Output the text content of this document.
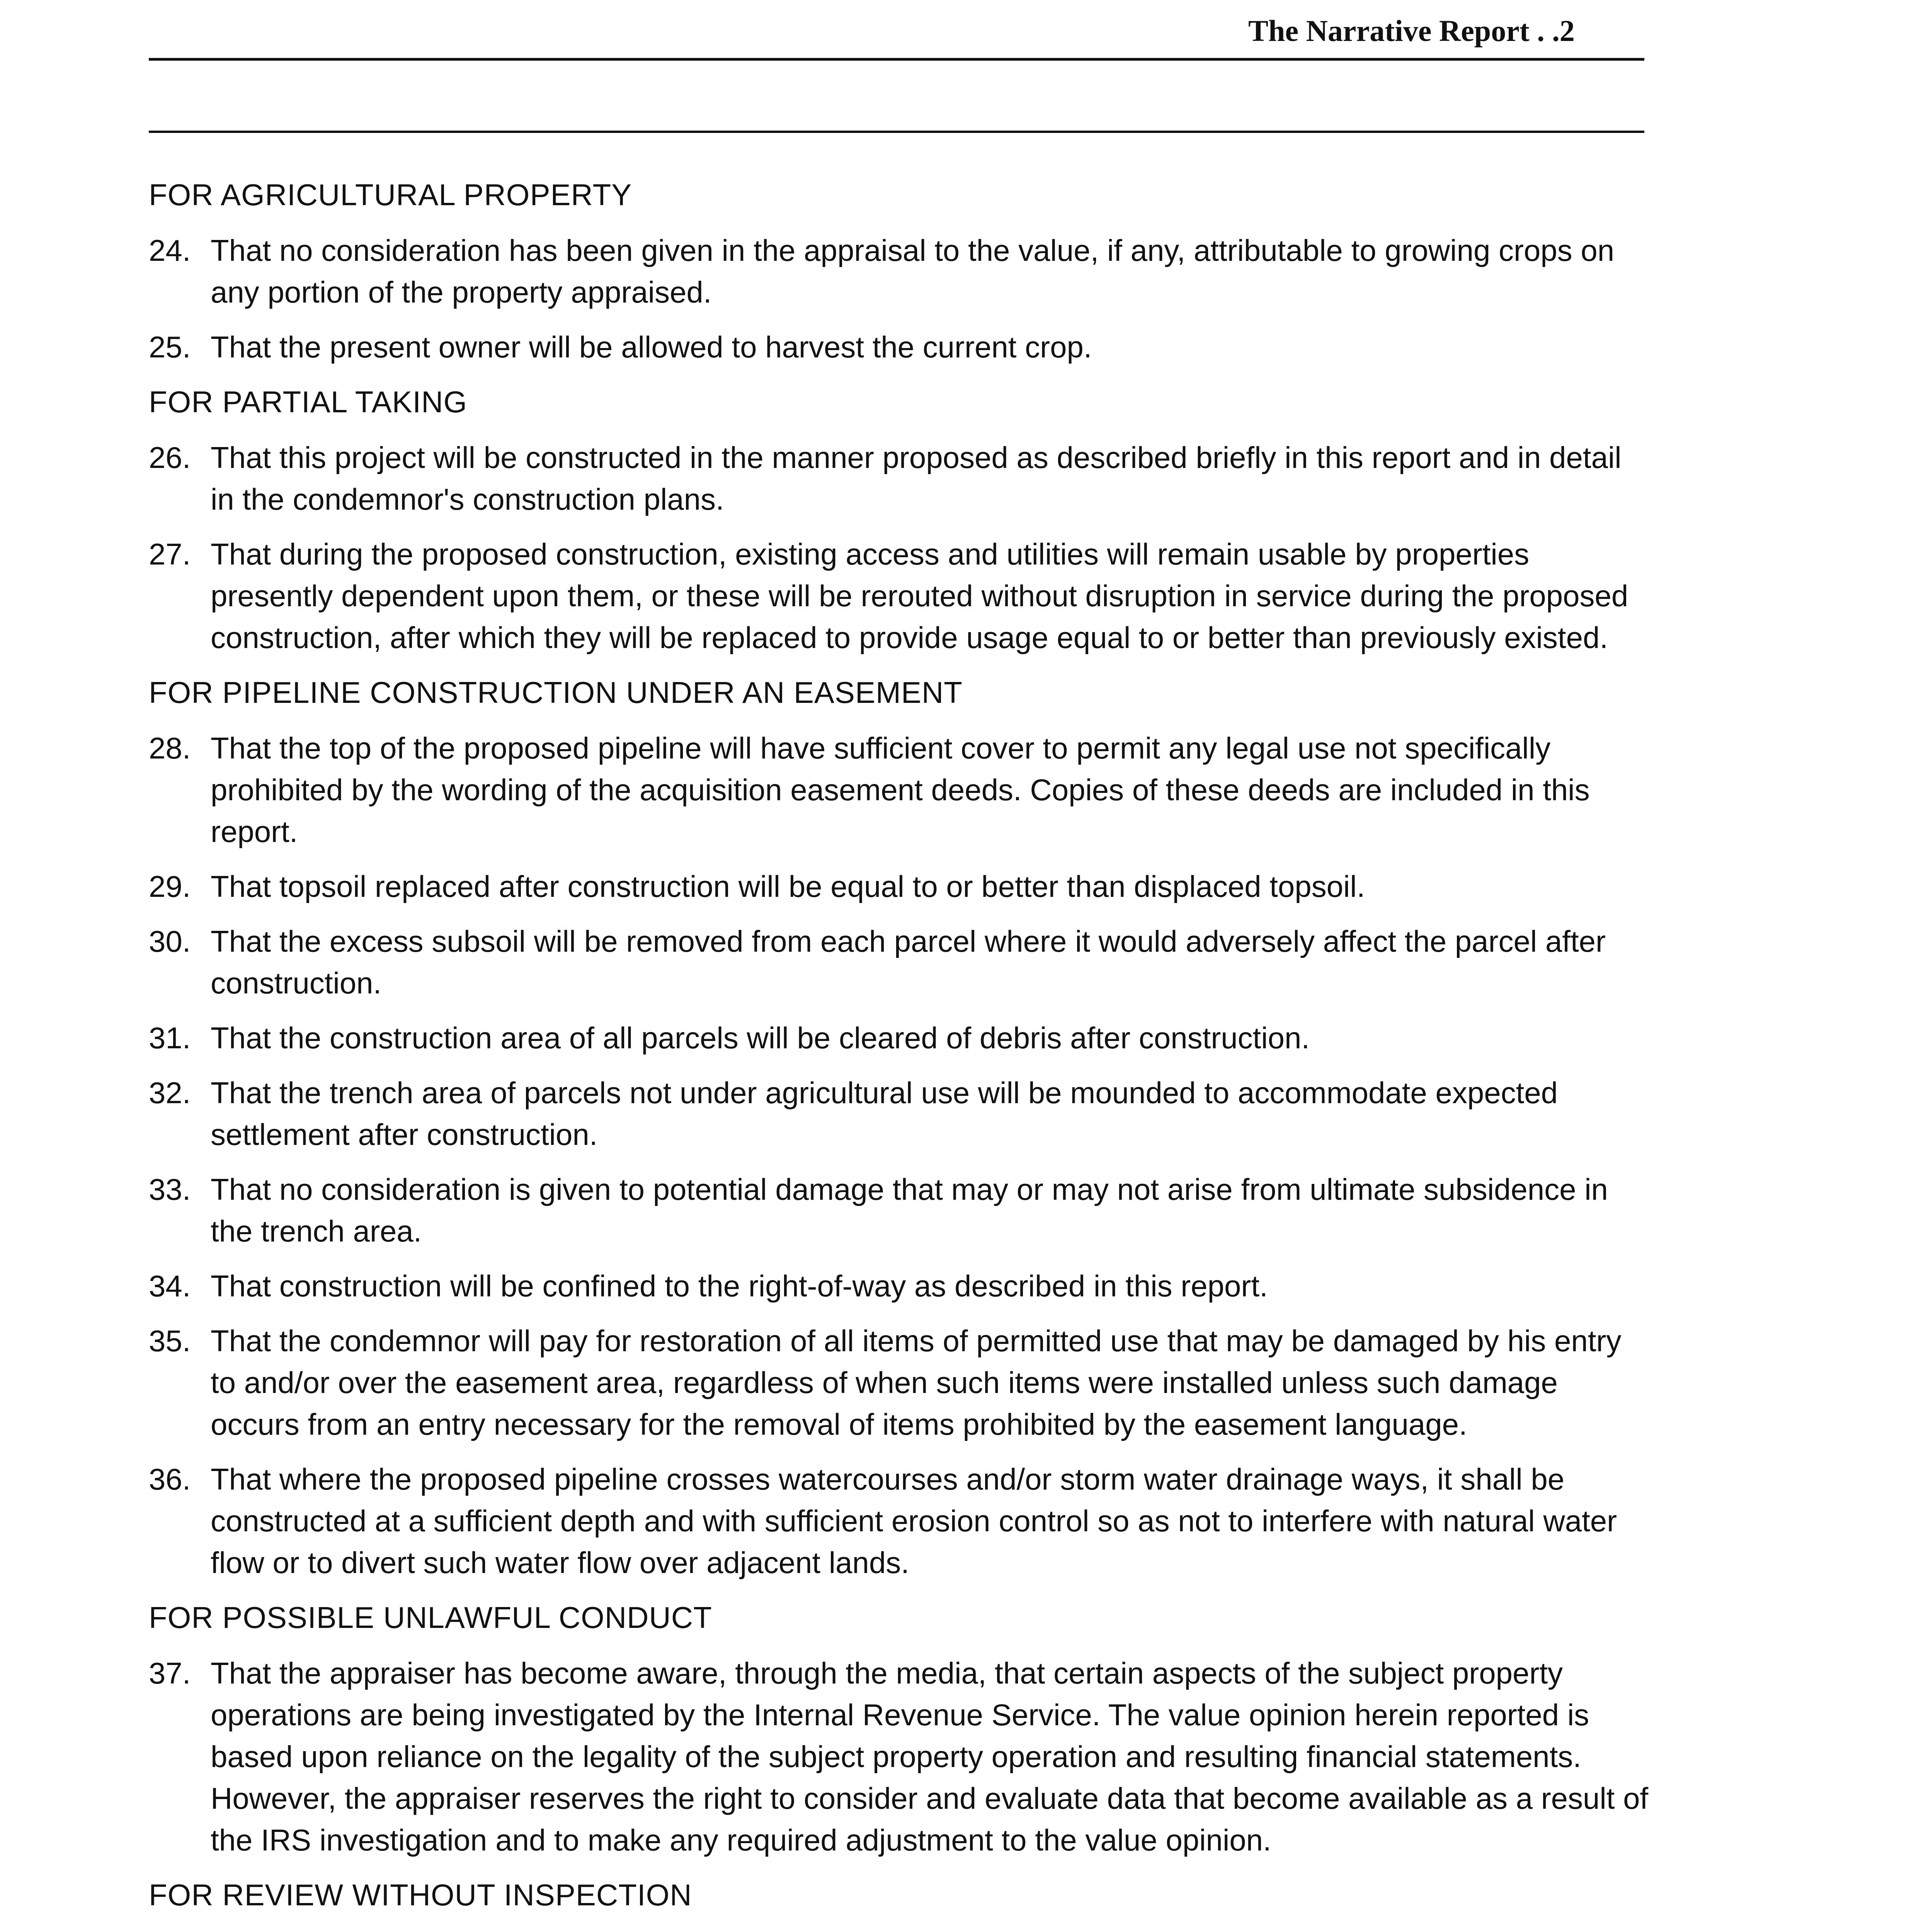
The Narrative Report . .2
FOR AGRICULTURAL PROPERTY
24. That no consideration has been given in the appraisal to the value, if any, attributable to growing crops on any portion of the property appraised.
25. That the present owner will be allowed to harvest the current crop.
FOR PARTIAL TAKING
26. That this project will be constructed in the manner proposed as described briefly in this report and in detail in the condemnor's construction plans.
27. That during the proposed construction, existing access and utilities will remain usable by properties presently dependent upon them, or these will be rerouted without disruption in service during the proposed construction, after which they will be replaced to provide usage equal to or better than previously existed.
FOR PIPELINE CONSTRUCTION UNDER AN EASEMENT
28. That the top of the proposed pipeline will have sufficient cover to permit any legal use not specifically prohibited by the wording of the acquisition easement deeds. Copies of these deeds are included in this report.
29. That topsoil replaced after construction will be equal to or better than displaced topsoil.
30. That the excess subsoil will be removed from each parcel where it would adversely affect the parcel after construction.
31. That the construction area of all parcels will be cleared of debris after construction.
32. That the trench area of parcels not under agricultural use will be mounded to accommodate expected settlement after construction.
33. That no consideration is given to potential damage that may or may not arise from ultimate subsidence in the trench area.
34. That construction will be confined to the right-of-way as described in this report.
35. That the condemnor will pay for restoration of all items of permitted use that may be damaged by his entry to and/or over the easement area, regardless of when such items were installed unless such damage occurs from an entry necessary for the removal of items prohibited by the easement language.
36. That where the proposed pipeline crosses watercourses and/or storm water drainage ways, it shall be constructed at a sufficient depth and with sufficient erosion control so as not to interfere with natural water flow or to divert such water flow over adjacent lands.
FOR POSSIBLE UNLAWFUL CONDUCT
37. That the appraiser has become aware, through the media, that certain aspects of the subject property operations are being investigated by the Internal Revenue Service. The value opinion herein reported is based upon reliance on the legality of the subject property operation and resulting financial statements. However, the appraiser reserves the right to consider and evaluate data that become available as a result of the IRS investigation and to make any required adjustment to the value opinion.
FOR REVIEW WITHOUT INSPECTION
